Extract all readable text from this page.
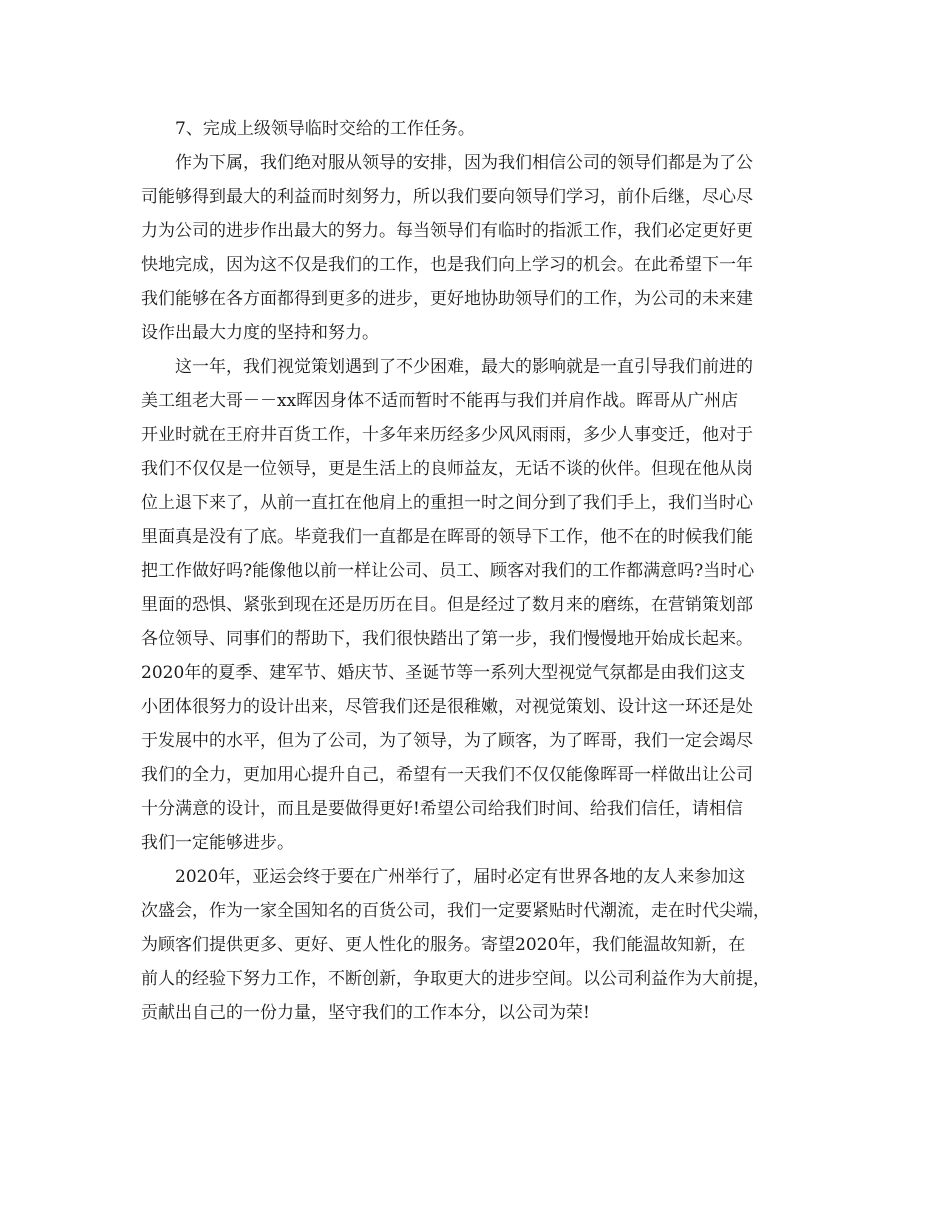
7、完成上级领导临时交给的工作任务。

作为下属，我们绝对服从领导的安排，因为我们相信公司的领导们都是为了公
司能够得到最大的利益而时刻努力，所以我们要向领导们学习，前仆后继，尽心尽
力为公司的进步作出最大的努力。每当领导们有临时的指派工作，我们必定更好更
快地完成，因为这不仅是我们的工作，也是我们向上学习的机会。在此希望下一年
我们能够在各方面都得到更多的进步，更好地协助领导们的工作，为公司的未来建
设作出最大力度的坚持和努力。

这一年，我们视觉策划遇到了不少困难，最大的影响就是一直引导我们前进的
美工组老大哥－－xx晖因身体不适而暂时不能再与我们并肩作战。晖哥从广州店
开业时就在王府井百货工作，十多年来历经多少风风雨雨，多少人事变迁，他对于
我们不仅仅是一位领导，更是生活上的良师益友，无话不谈的伙伴。但现在他从岗
位上退下来了，从前一直扛在他肩上的重担一时之间分到了我们手上，我们当时心
里面真是没有了底。毕竟我们一直都是在晖哥的领导下工作，他不在的时候我们能
把工作做好吗?能像他以前一样让公司、员工、顾客对我们的工作都满意吗?当时心
里面的恐惧、紧张到现在还是历历在目。但是经过了数月来的磨练，在营销策划部
各位领导、同事们的帮助下，我们很快踏出了第一步，我们慢慢地开始成长起来。
2020年的夏季、建军节、婚庆节、圣诞节等一系列大型视觉气氛都是由我们这支
小团体很努力的设计出来，尽管我们还是很稚嫩，对视觉策划、设计这一环还是处
于发展中的水平，但为了公司，为了领导，为了顾客，为了晖哥，我们一定会竭尽
我们的全力，更加用心提升自己，希望有一天我们不仅仅能像晖哥一样做出让公司
十分满意的设计，而且是要做得更好!希望公司给我们时间、给我们信任，请相信
我们一定能够进步。

2020年，亚运会终于要在广州举行了，届时必定有世界各地的友人来参加这
次盛会，作为一家全国知名的百货公司，我们一定要紧贴时代潮流，走在时代尖端，
为顾客们提供更多、更好、更人性化的服务。寄望2020年，我们能温故知新，在
前人的经验下努力工作，不断创新，争取更大的进步空间。以公司利益作为大前提，
贡献出自己的一份力量，坚守我们的工作本分，以公司为荣!
